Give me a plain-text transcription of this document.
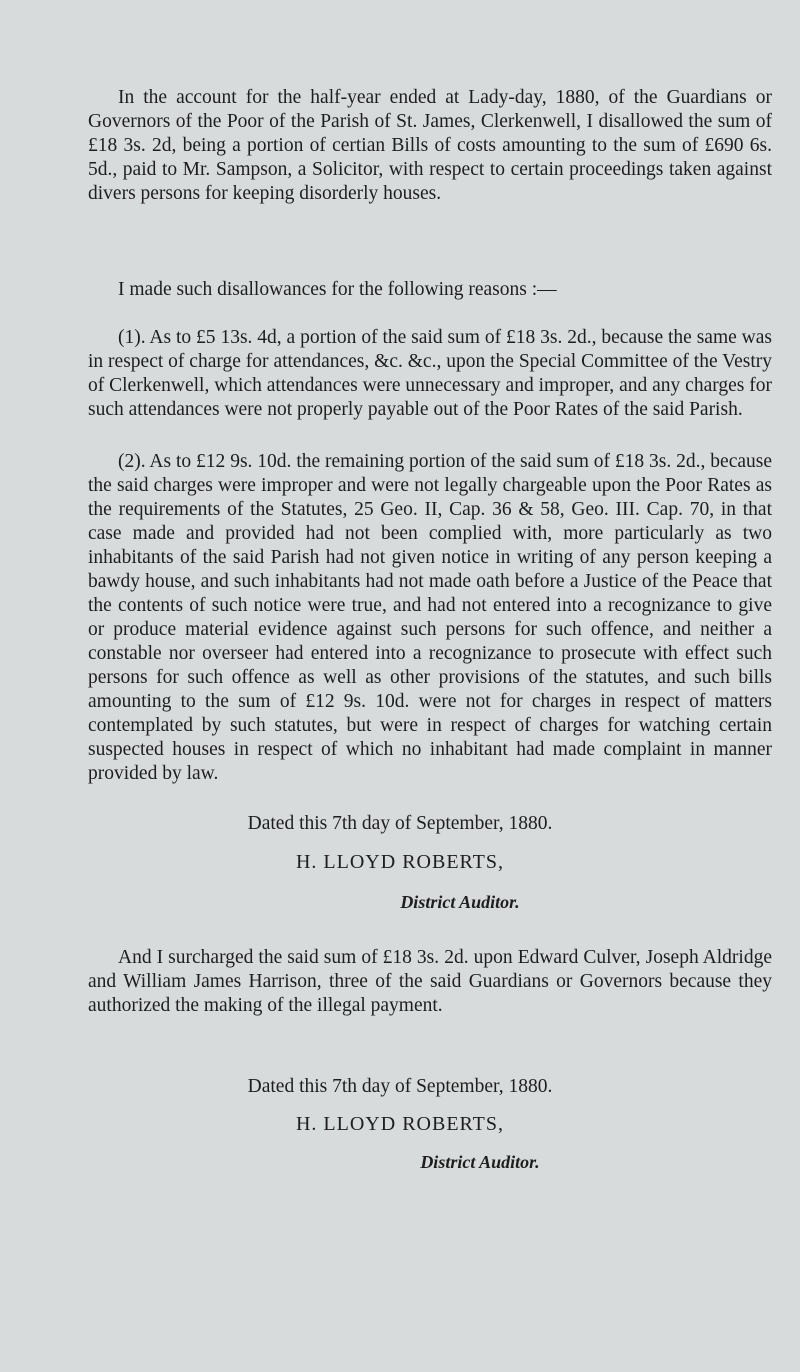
In the account for the half-year ended at Lady-day, 1880, of the Guardians or Governors of the Poor of the Parish of St. James, Clerkenwell, I disallowed the sum of £18 3s. 2d, being a portion of certian Bills of costs amounting to the sum of £690 6s. 5d., paid to Mr. Sampson, a Solicitor, with respect to certain proceedings taken against divers persons for keeping disorderly houses.

I made such disallowances for the following reasons :—

(1). As to £5 13s. 4d, a portion of the said sum of £18 3s. 2d., because the same was in respect of charge for attendances, &c. &c., upon the Special Committee of the Vestry of Clerkenwell, which attendances were unnecessary and improper, and any charges for such attendances were not properly payable out of the Poor Rates of the said Parish.

(2). As to £12 9s. 10d. the remaining portion of the said sum of £18 3s. 2d., because the said charges were improper and were not legally chargeable upon the Poor Rates as the requirements of the Statutes, 25 Geo. II, Cap. 36 & 58, Geo. III. Cap. 70, in that case made and provided had not been complied with, more particularly as two inhabitants of the said Parish had not given notice in writing of any person keeping a bawdy house, and such inhabitants had not made oath before a Justice of the Peace that the contents of such notice were true, and had not entered into a recognizance to give or produce material evidence against such persons for such offence, and neither a constable nor overseer had entered into a recognizance to prosecute with effect such persons for such offence as well as other provisions of the statutes, and such bills amounting to the sum of £12 9s. 10d. were not for charges in respect of matters contemplated by such statutes, but were in respect of charges for watching certain suspected houses in respect of which no inhabitant had made complaint in manner provided by law.

Dated this 7th day of September, 1880.

H. LLOYD ROBERTS,

District Auditor.

And I surcharged the said sum of £18 3s. 2d. upon Edward Culver, Joseph Aldridge and William James Harrison, three of the said Guardians or Governors because they authorized the making of the illegal payment.

Dated this 7th day of September, 1880.

H. LLOYD ROBERTS,

District Auditor.
